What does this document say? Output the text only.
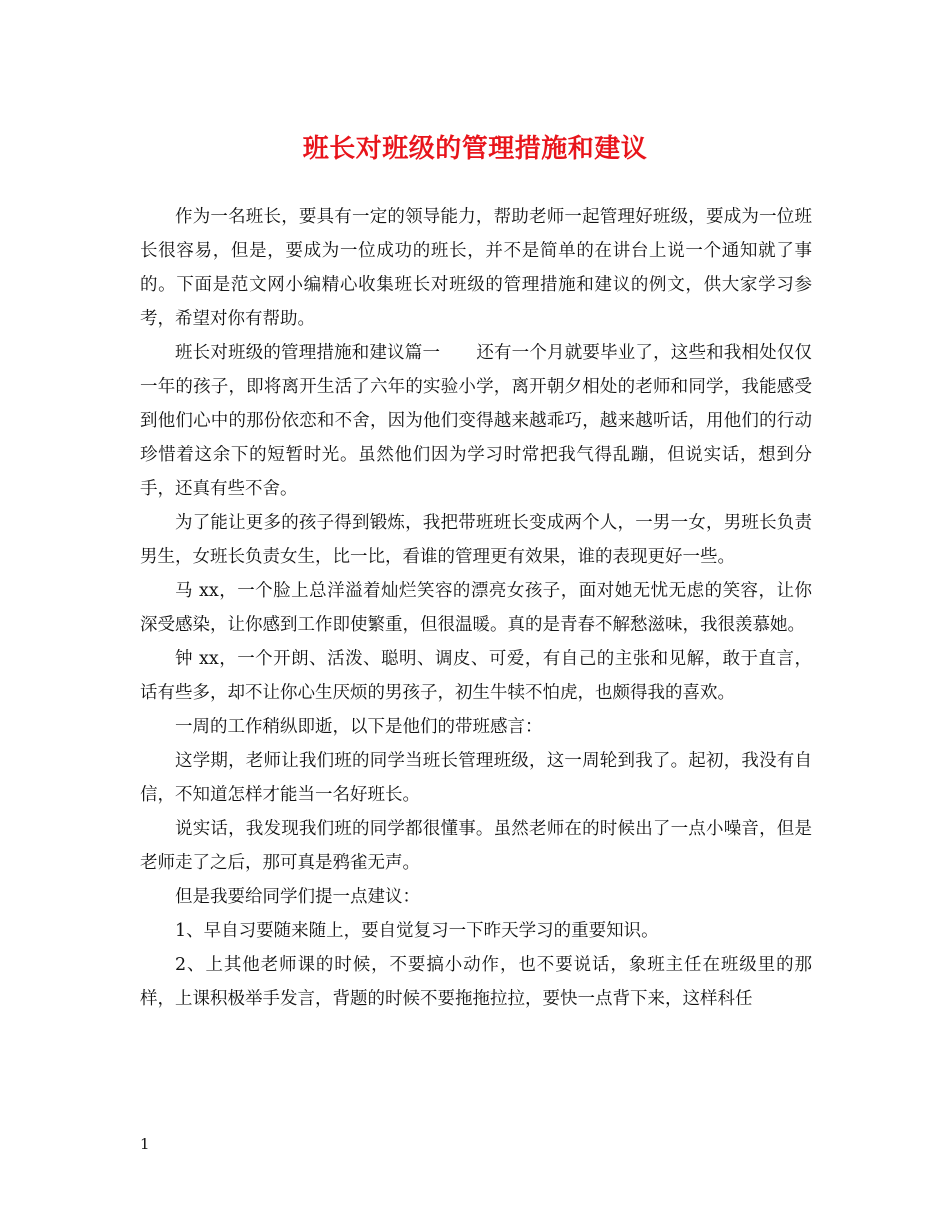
班长对班级的管理措施和建议

作为一名班长，要具有一定的领导能力，帮助老师一起管理好班级，要成为一位班长很容易，但是，要成为一位成功的班长，并不是简单的在讲台上说一个通知就了事的。下面是范文网小编精心收集班长对班级的管理措施和建议的例文，供大家学习参考，希望对你有帮助。

班长对班级的管理措施和建议篇一 还有一个月就要毕业了，这些和我相处仅仅一年的孩子，即将离开生活了六年的实验小学，离开朝夕相处的老师和同学，我能感受到他们心中的那份依恋和不舍，因为他们变得越来越乖巧，越来越听话，用他们的行动珍惜着这余下的短暂时光。虽然他们因为学习时常把我气得乱蹦，但说实话，想到分手，还真有些不舍。

为了能让更多的孩子得到锻炼，我把带班班长变成两个人，一男一女，男班长负责男生，女班长负责女生，比一比，看谁的管理更有效果，谁的表现更好一些。

马 xx，一个脸上总洋溢着灿烂笑容的漂亮女孩子，面对她无忧无虑的笑容，让你深受感染，让你感到工作即使繁重，但很温暖。真的是青春不解愁滋味，我很羡慕她。

钟 xx，一个开朗、活泼、聪明、调皮、可爱，有自己的主张和见解，敢于直言，话有些多，却不让你心生厌烦的男孩子，初生牛犊不怕虎，也颇得我的喜欢。

一周的工作稍纵即逝，以下是他们的带班感言：

这学期，老师让我们班的同学当班长管理班级，这一周轮到我了。起初，我没有自信，不知道怎样才能当一名好班长。

说实话，我发现我们班的同学都很懂事。虽然老师在的时候出了一点小噪音，但是老师走了之后，那可真是鸦雀无声。

但是我要给同学们提一点建议：

1、早自习要随来随上，要自觉复习一下昨天学习的重要知识。

2、上其他老师课的时候，不要搞小动作，也不要说话，象班主任在班级里的那样，上课积极举手发言，背题的时候不要拖拖拉拉，要快一点背下来，这样科任

1
